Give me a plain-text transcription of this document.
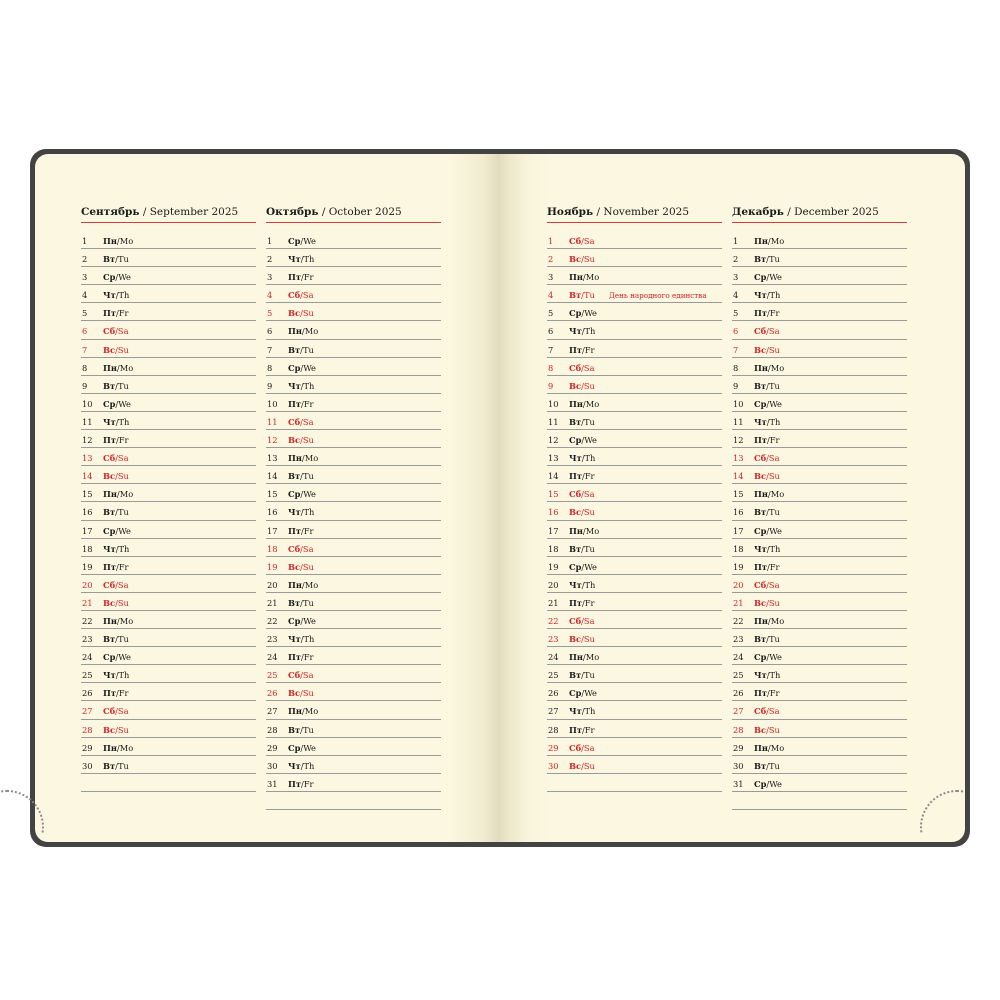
Сентябрь / September 2025
1	Пн/Mo
2	Вт/Tu
3	Ср/We
4	Чт/Th
5	Пт/Fr
6	Сб/Sa
7	Вс/Su
8	Пн/Mo
9	Вт/Tu
10	Ср/We
11	Чт/Th
12	Пт/Fr
13	Сб/Sa
14	Вс/Su
15	Пн/Mo
16	Вт/Tu
17	Ср/We
18	Чт/Th
19	Пт/Fr
20	Сб/Sa
21	Вс/Su
22	Пн/Mo
23	Вт/Tu
24	Ср/We
25	Чт/Th
26	Пт/Fr
27	Сб/Sa
28	Вс/Su
29	Пн/Mo
30	Вт/Tu
Октябрь / October 2025
1	Ср/We
2	Чт/Th
3	Пт/Fr
4	Сб/Sa
5	Вс/Su
6	Пн/Mo
7	Вт/Tu
8	Ср/We
9	Чт/Th
10	Пт/Fr
11	Сб/Sa
12	Вс/Su
13	Пн/Mo
14	Вт/Tu
15	Ср/We
16	Чт/Th
17	Пт/Fr
18	Сб/Sa
19	Вс/Su
20	Пн/Mo
21	Вт/Tu
22	Ср/We
23	Чт/Th
24	Пт/Fr
25	Сб/Sa
26	Вс/Su
27	Пн/Mo
28	Вт/Tu
29	Ср/We
30	Чт/Th
31	Пт/Fr
Ноябрь / November 2025
1	Сб/Sa
2	Вс/Su
3	Пн/Mo
4	Вт/Tu День народного единства
5	Ср/We
6	Чт/Th
7	Пт/Fr
8	Сб/Sa
9	Вс/Su
10	Пн/Mo
11	Вт/Tu
12	Ср/We
13	Чт/Th
14	Пт/Fr
15	Сб/Sa
16	Вс/Su
17	Пн/Mo
18	Вт/Tu
19	Ср/We
20	Чт/Th
21	Пт/Fr
22	Сб/Sa
23	Вс/Su
24	Пн/Mo
25	Вт/Tu
26	Ср/We
27	Чт/Th
28	Пт/Fr
29	Сб/Sa
30	Вс/Su
Декабрь / December 2025
1	Пн/Mo
2	Вт/Tu
3	Ср/We
4	Чт/Th
5	Пт/Fr
6	Сб/Sa
7	Вс/Su
8	Пн/Mo
9	Вт/Tu
10	Ср/We
11	Чт/Th
12	Пт/Fr
13	Сб/Sa
14	Вс/Su
15	Пн/Mo
16	Вт/Tu
17	Ср/We
18	Чт/Th
19	Пт/Fr
20	Сб/Sa
21	Вс/Su
22	Пн/Mo
23	Вт/Tu
24	Ср/We
25	Чт/Th
26	Пт/Fr
27	Сб/Sa
28	Вс/Su
29	Пн/Mo
30	Вт/Tu
31	Ср/We
